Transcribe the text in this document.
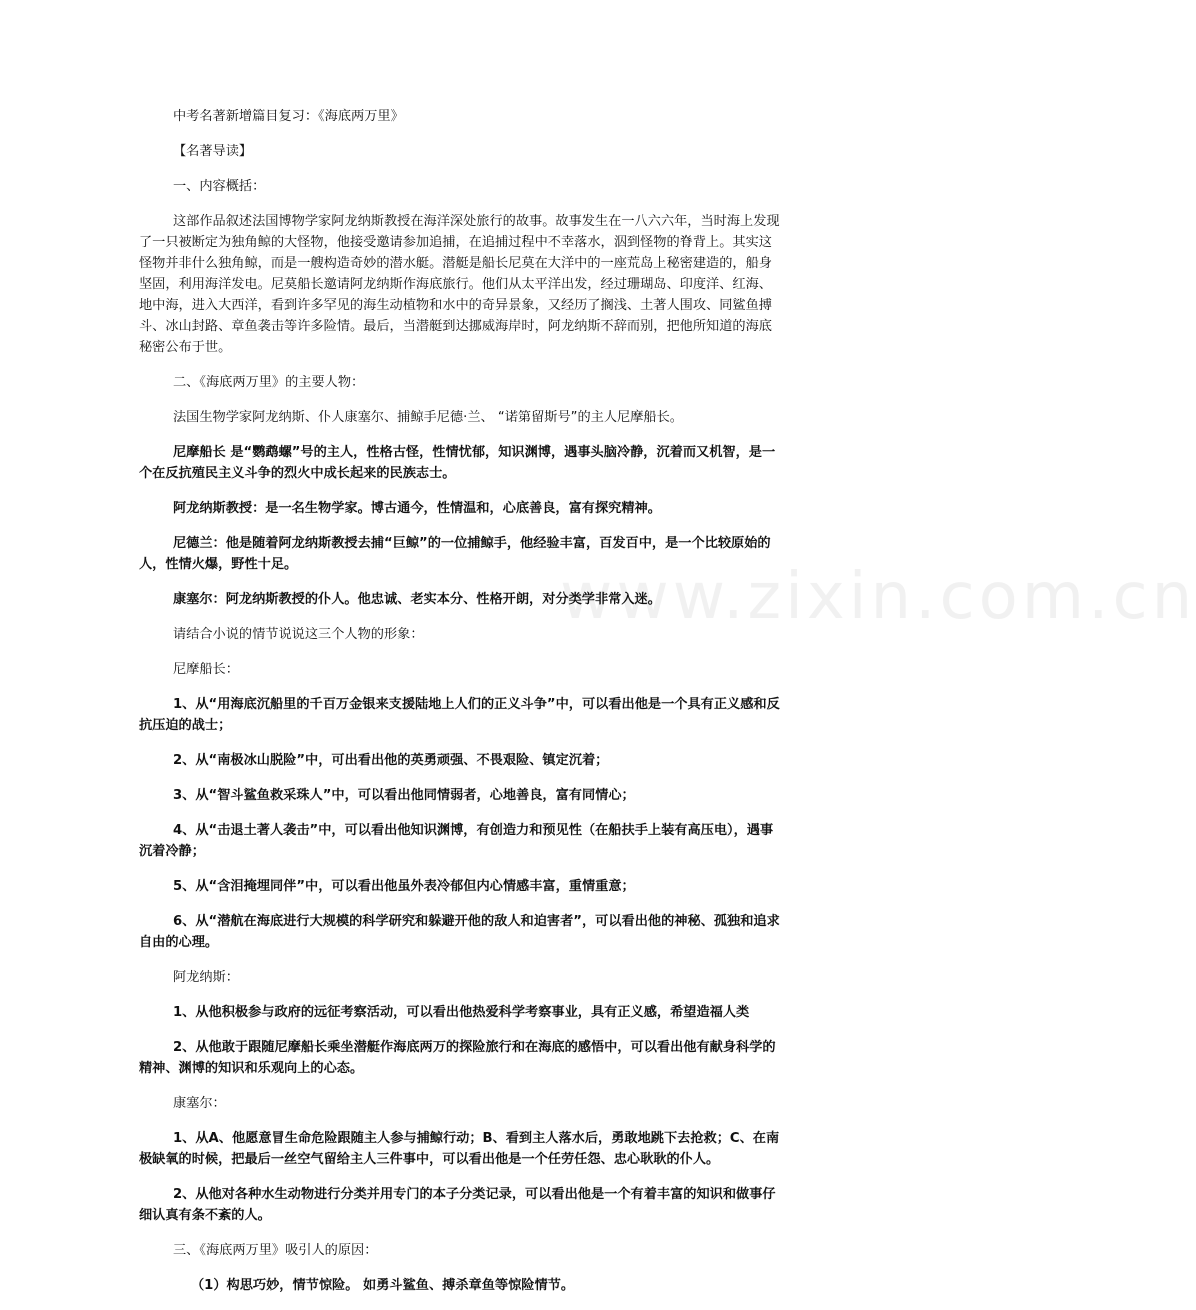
www.zixin.com.cn

中考名著新增篇目复习：《海底两万里》

【名著导读】

一、内容概括：

这部作品叙述法国博物学家阿龙纳斯教授在海洋深处旅行的故事。故事发生在一八六六年，当时海上发现了一只被断定为独角鲸的大怪物，他接受邀请参加追捕，在追捕过程中不幸落水，泅到怪物的脊背上。其实这怪物并非什么独角鲸，而是一艘构造奇妙的潜水艇。潜艇是船长尼莫在大洋中的一座荒岛上秘密建造的，船身坚固，利用海洋发电。尼莫船长邀请阿龙纳斯作海底旅行。他们从太平洋出发，经过珊瑚岛、印度洋、红海、地中海，进入大西洋，看到许多罕见的海生动植物和水中的奇异景象，又经历了搁浅、土著人围攻、同鲨鱼搏斗、冰山封路、章鱼袭击等许多险情。最后，当潜艇到达挪威海岸时，阿龙纳斯不辞而别，把他所知道的海底秘密公布于世。

二、《海底两万里》的主要人物：

法国生物学家阿龙纳斯、仆人康塞尔、捕鲸手尼德·兰、 “诺第留斯号”的主人尼摩船长。

尼摩船长 是“鹦鹉螺”号的主人，性格古怪，性情忧郁，知识渊博，遇事头脑冷静，沉着而又机智，是一个在反抗殖民主义斗争的烈火中成长起来的民族志士。

阿龙纳斯教授：是一名生物学家。博古通今，性情温和，心底善良，富有探究精神。

尼德兰：他是随着阿龙纳斯教授去捕“巨鲸”的一位捕鲸手，他经验丰富，百发百中，是一个比较原始的人，性情火爆，野性十足。

康塞尔：阿龙纳斯教授的仆人。他忠诚、老实本分、性格开朗，对分类学非常入迷。

请结合小说的情节说说这三个人物的形象：

尼摩船长：

1、从“用海底沉船里的千百万金银来支援陆地上人们的正义斗争”中，可以看出他是一个具有正义感和反抗压迫的战士；

2、从“南极冰山脱险”中，可出看出他的英勇顽强、不畏艰险、镇定沉着；

3、从“智斗鲨鱼救采珠人”中，可以看出他同情弱者，心地善良，富有同情心；

4、从“击退土著人袭击”中，可以看出他知识渊博，有创造力和预见性（在船扶手上装有高压电），遇事沉着冷静；

5、从“含泪掩埋同伴”中，可以看出他虽外表冷郁但内心情感丰富，重情重意；

6、从“潜航在海底进行大规模的科学研究和躲避开他的敌人和迫害者”，可以看出他的神秘、孤独和追求自由的心理。

阿龙纳斯：

1、从他积极参与政府的远征考察活动，可以看出他热爱科学考察事业，具有正义感，希望造福人类

2、从他敢于跟随尼摩船长乘坐潜艇作海底两万的探险旅行和在海底的感悟中，可以看出他有献身科学的精神、渊博的知识和乐观向上的心态。

康塞尔：

1、从A、他愿意冒生命危险跟随主人参与捕鲸行动；B、看到主人落水后，勇敢地跳下去抢救；C、在南极缺氧的时候，把最后一丝空气留给主人三件事中，可以看出他是一个任劳任怨、忠心耿耿的仆人。

2、从他对各种水生动物进行分类并用专门的本子分类记录，可以看出他是一个有着丰富的知识和做事仔细认真有条不紊的人。

三、《海底两万里》吸引人的原因：

（1）构思巧妙，情节惊险。 如勇斗鲨鱼、搏杀章鱼等惊险情节。
